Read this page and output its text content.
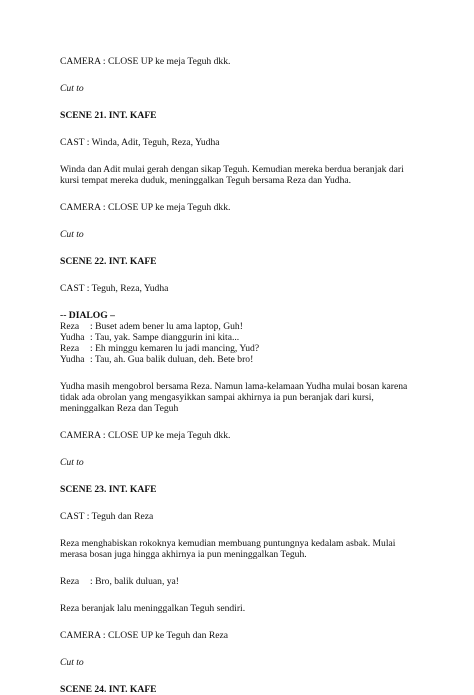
CAMERA : CLOSE UP ke meja Teguh dkk.
Cut to
SCENE 21. INT. KAFE
CAST : Winda, Adit, Teguh, Reza, Yudha
Winda dan Adit mulai gerah dengan sikap Teguh. Kemudian mereka berdua beranjak dari
kursi tempat mereka duduk, meninggalkan Teguh bersama Reza dan Yudha.
CAMERA : CLOSE UP ke meja Teguh dkk.
Cut to
SCENE 22. INT. KAFE
CAST : Teguh, Reza, Yudha
-- DIALOG –
Reza	: Buset adem bener lu ama laptop, Guh!
Yudha : Tau, yak. Sampe dianggurin ini kita...
Reza	: Eh minggu kemaren lu jadi mancing, Yud?
Yudha : Tau, ah. Gua balik duluan, deh. Bete bro!
Yudha masih mengobrol bersama Reza. Namun lama-kelamaan Yudha mulai bosan karena
tidak ada obrolan yang mengasyikkan sampai akhirnya ia pun beranjak dari kursi,
meninggalkan Reza dan Teguh
CAMERA : CLOSE UP ke meja Teguh dkk.
Cut to
SCENE 23. INT. KAFE
CAST : Teguh dan Reza
Reza menghabiskan rokoknya kemudian membuang puntungnya kedalam asbak. Mulai
merasa bosan juga hingga akhirnya ia pun meninggalkan Teguh.
Reza	: Bro, balik duluan, ya!
Reza beranjak lalu meninggalkan Teguh sendiri.
CAMERA : CLOSE UP ke Teguh dan Reza
Cut to
SCENE 24. INT. KAFE
